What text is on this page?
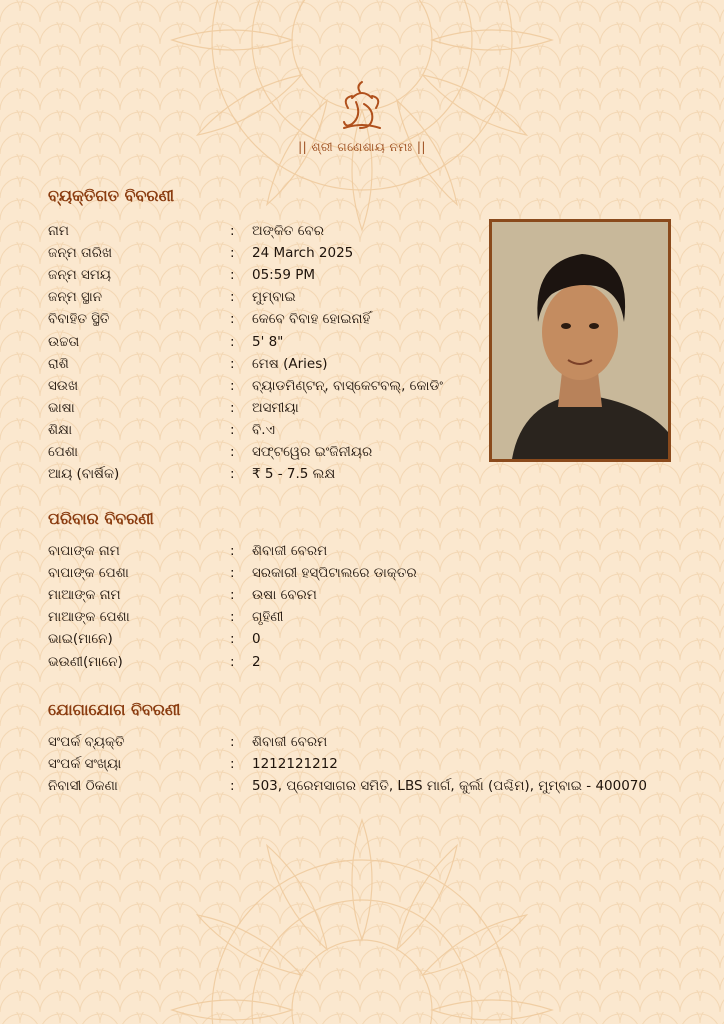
|| ଶ୍ରୀ ଗଣେଶାୟ ନମଃ ||
ବ୍ୟକ୍ତିଗତ ବିବରଣୀ
ନାମ	:	ଅଙ୍କିତ ବେର
ଜନ୍ମ ତାରିଖ	:	24 March 2025
ଜନ୍ମ ସମୟ	:	05:59 PM
ଜନ୍ମ ସ୍ଥାନ	:	ମୁମ୍ବାଇ
ବିବାହିତ ସ୍ଥିତି	:	କେବେ ବିବାହ ହୋଇନାହିଁ
ଉଚ୍ଚତା	:	5' 8"
ରାଶି	:	ମେଷ (Aries)
ସଉଖ	:	ବ୍ୟାଡମିଣ୍ଟନ୍, ବାସ୍କେଟବଲ୍, କୋଡିଂ
ଭାଷା	:	ଅସମୀୟା
ଶିକ୍ଷା	:	ବି.ଏ
ପେଶା	:	ସଫ୍ଟୱେର ଇଂଜିନୀୟର
ଆୟ (ବାର୍ଷିକ)	:	₹ 5 - 7.5 ଲକ୍ଷ
ପରିବାର ବିବରଣୀ
ବାପାଙ୍କ ନାମ	:	ଶିବାଜୀ ବେରମ
ବାପାଙ୍କ ପେଶା	:	ସରକାରୀ ହସ୍ପିଟାଲରେ ଡାକ୍ତର
ମାଆଙ୍କ ନାମ	:	ଉଷା ବେରମ
ମାଆଙ୍କ ପେଶା	:	ଗୃହିଣୀ
ଭାଇ(ମାନେ)	:	0
ଭଉଣୀ(ମାନେ)	:	2
ଯୋଗାଯୋଗ ବିବରଣୀ
ସଂପର୍କ ବ୍ୟକ୍ତି	:	ଶିବାଜୀ ବେରମ
ସଂପର୍କ ସଂଖ୍ୟା	:	1212121212
ନିବାସୀ ଠିକଣା	:	503, ପ୍ରେମସାଗର ସମିତି, LBS ମାର୍ଗ, କୁର୍ଲା (ପଶ୍ଚିମ), ମୁମ୍ବାଇ - 400070
